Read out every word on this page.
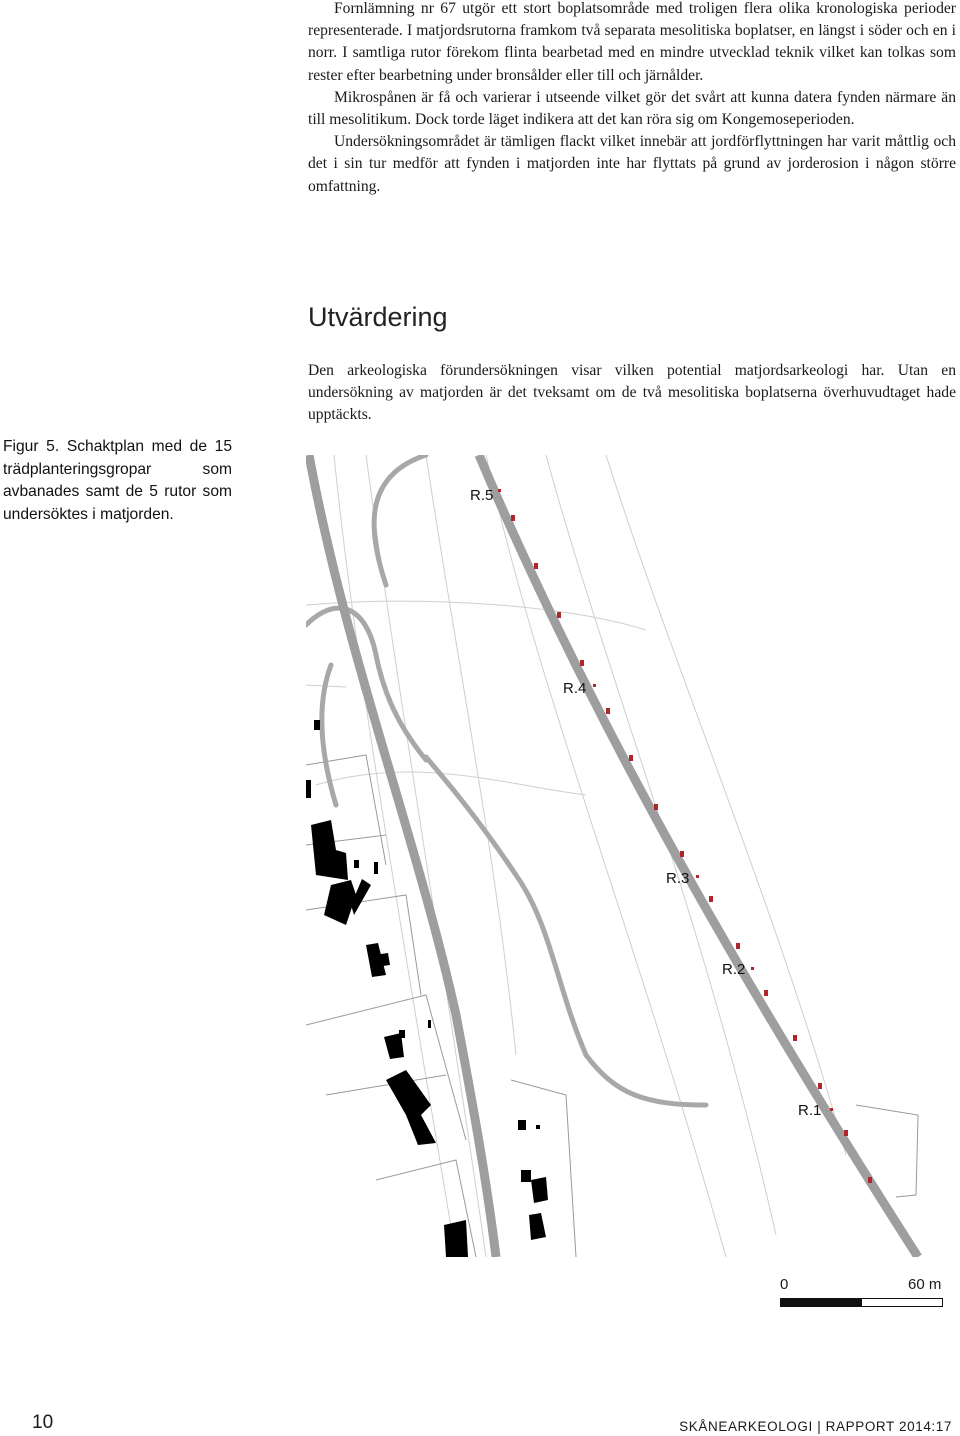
Fornlämning nr 67 utgör ett stort boplatsområde med troligen flera olika kronologiska perioder representerade. I matjordsrutorna framkom två separata mesolitiska boplatser, en längst i söder och en i norr. I samtliga rutor förekom flinta bearbetad med en mindre utvecklad teknik vilket kan tolkas som rester efter bearbetning under bronsålder eller till och järnålder.

Mikrospånen är få och varierar i utseende vilket gör det svårt att kunna datera fynden närmare än till mesolitikum. Dock torde läget indikera att det kan röra sig om Kongemoseperioden.

Undersökningsområdet är tämligen flackt vilket innebär att jordförflyttningen har varit måttlig och det i sin tur medför att fynden i matjorden inte har flyttats på grund av jorderosion i någon större omfattning.

Utvärdering

Den arkeologiska förundersökningen visar vilken potential matjordsarkeologi har. Utan en undersökning av matjorden är det tveksamt om de två mesolitiska boplatserna överhuvudtaget hade upptäckts.

Figur 5. Schaktplan med de 15 trädplanteringsgropar som avbanades samt de 5 rutor som undersöktes i matjorden.

R.5
R.4
R.3
R.2
R.1
0	60 m

10	SKÅNEARKEOLOGI | RAPPORT 2014:17
